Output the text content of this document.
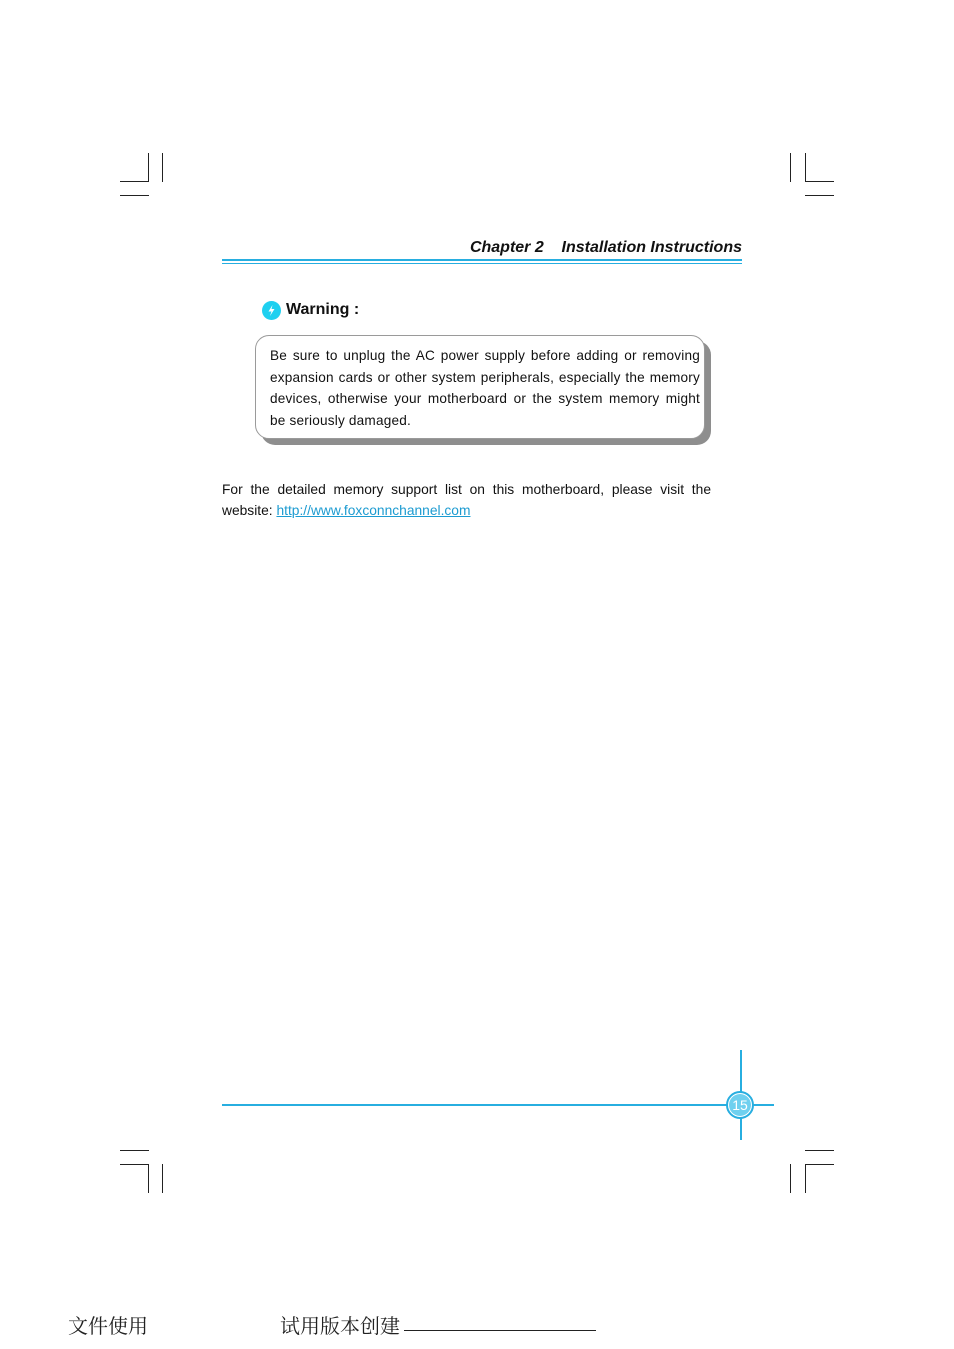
Chapter 2 Installation Instructions
Warning :
Be sure to unplug the AC power supply before adding or removing expansion cards or other system peripherals, especially the memory devices, otherwise your motherboard or the system memory might be seriously damaged.
For the detailed memory support list on this motherboard, please visit the website: http://www.foxconnchannel.com
15
文件使用	试用版本创建
